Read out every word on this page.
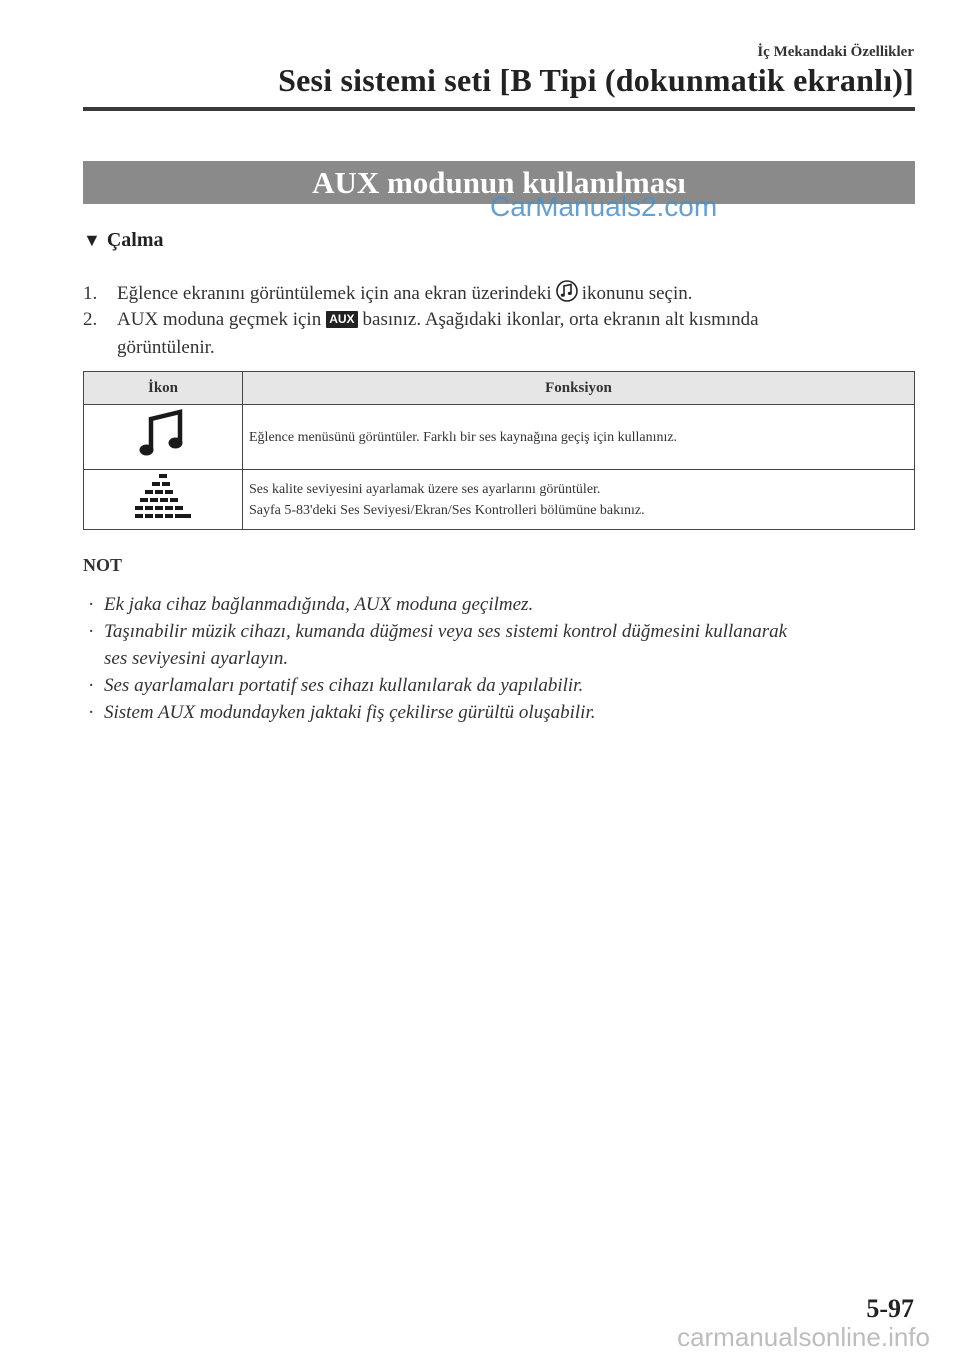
İç Mekandaki Özellikler
Sesi sistemi seti [B Tipi (dokunmatik ekranlı)]
AUX modunun kullanılması
CarManuals2.com
▼ Çalma
1. Eğlence ekranını görüntülemek için ana ekran üzerindeki ikonunu seçin.
2. AUX moduna geçmek için AUX basınız. Aşağıdaki ikonlar, orta ekranın alt kısmında
görüntülenir.
İkon	Fonksiyon

Eğlence menüsünü görüntüler. Farklı bir ses kaynağına geçiş için kullanınız.

Ses kalite seviyesini ayarlamak üzere ses ayarlarını görüntüler.
Sayfa 5-83'deki Ses Seviyesi/Ekran/Ses Kontrolleri bölümüne bakınız.
NOT
· Ek jaka cihaz bağlanmadığında, AUX moduna geçilmez.
· Taşınabilir müzik cihazı, kumanda düğmesi veya ses sistemi kontrol düğmesini kullanarak
ses seviyesini ayarlayın.
· Ses ayarlamaları portatif ses cihazı kullanılarak da yapılabilir.
· Sistem AUX modundayken jaktaki fiş çekilirse gürültü oluşabilir.
5-97
carmanualsonline.info
